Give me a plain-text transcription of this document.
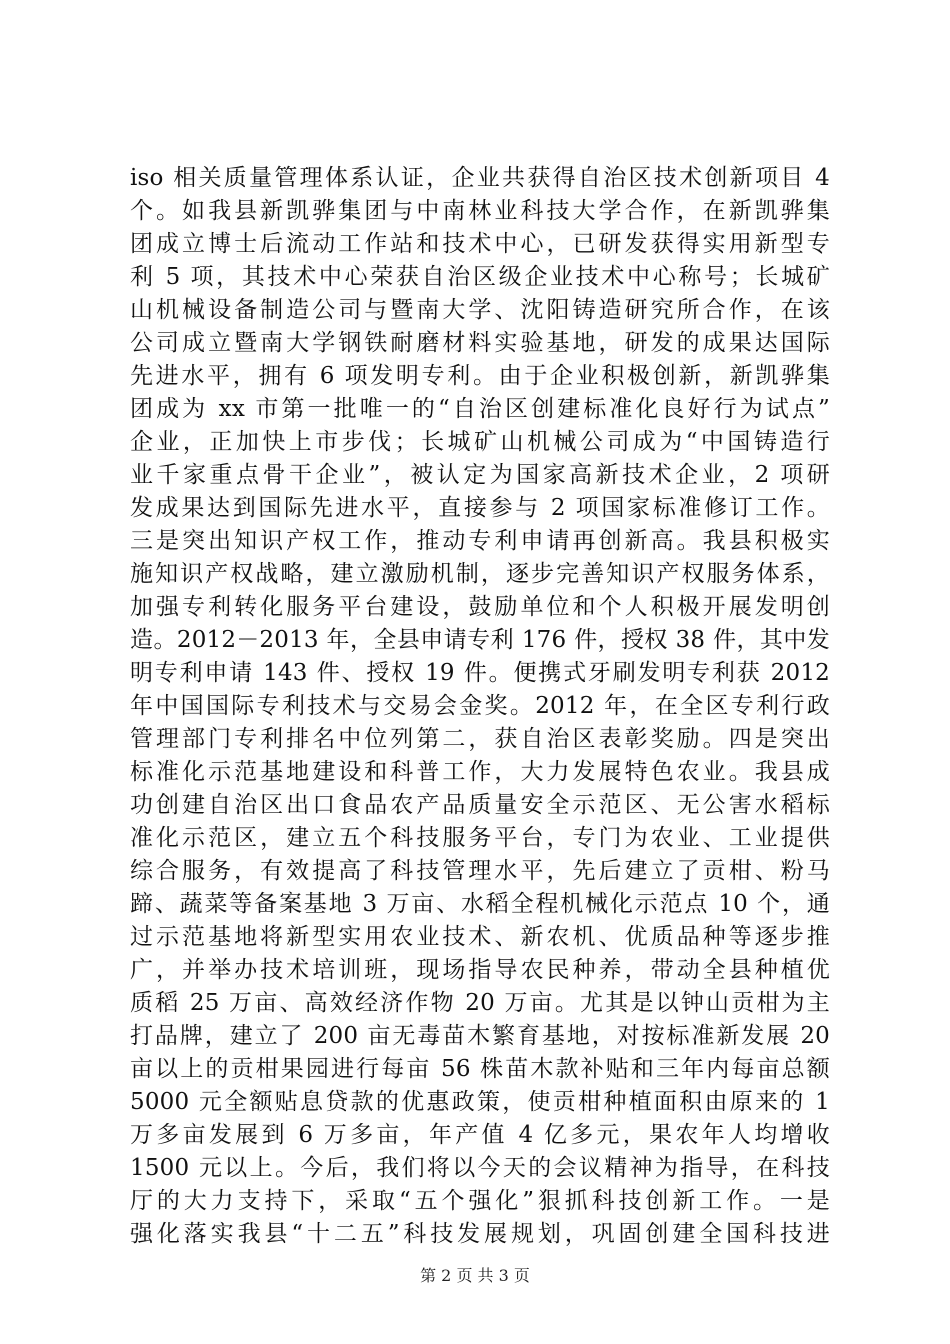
iso 相关质量管理体系认证，企业共获得自治区技术创新项目 4
个。如我县新凯骅集团与中南林业科技大学合作，在新凯骅集
团成立博士后流动工作站和技术中心，已研发获得实用新型专
利 5 项，其技术中心荣获自治区级企业技术中心称号；长城矿
山机械设备制造公司与暨南大学、沈阳铸造研究所合作，在该
公司成立暨南大学钢铁耐磨材料实验基地，研发的成果达国际
先进水平，拥有 6 项发明专利。由于企业积极创新，新凯骅集
团成为 xx 市第一批唯一的“自治区创建标准化良好行为试点”
企业，正加快上市步伐；长城矿山机械公司成为“中国铸造行
业千家重点骨干企业”，被认定为国家高新技术企业，2 项研
发成果达到国际先进水平，直接参与 2 项国家标准修订工作。
三是突出知识产权工作，推动专利申请再创新高。我县积极实
施知识产权战略，建立激励机制，逐步完善知识产权服务体系，
加强专利转化服务平台建设，鼓励单位和个人积极开展发明创
造。2012－2013 年，全县申请专利 176 件，授权 38 件，其中发
明专利申请 143 件、授权 19 件。便携式牙刷发明专利获 2012
年中国国际专利技术与交易会金奖。2012 年，在全区专利行政
管理部门专利排名中位列第二，获自治区表彰奖励。四是突出
标准化示范基地建设和科普工作，大力发展特色农业。我县成
功创建自治区出口食品农产品质量安全示范区、无公害水稻标
准化示范区，建立五个科技服务平台，专门为农业、工业提供
综合服务，有效提高了科技管理水平，先后建立了贡柑、粉马
蹄、蔬菜等备案基地 3 万亩、水稻全程机械化示范点 10 个，通
过示范基地将新型实用农业技术、新农机、优质品种等逐步推
广，并举办技术培训班，现场指导农民种养，带动全县种植优
质稻 25 万亩、高效经济作物 20 万亩。尤其是以钟山贡柑为主
打品牌，建立了 200 亩无毒苗木繁育基地，对按标准新发展 20
亩以上的贡柑果园进行每亩 56 株苗木款补贴和三年内每亩总额
5000 元全额贴息贷款的优惠政策，使贡柑种植面积由原来的 1
万多亩发展到 6 万多亩，年产值 4 亿多元，果农年人均增收
1500 元以上。今后，我们将以今天的会议精神为指导，在科技
厅的大力支持下，采取“五个强化”狠抓科技创新工作。一是
强化落实我县“十二五”科技发展规划，巩固创建全国科技进
第 2 页 共 3 页
